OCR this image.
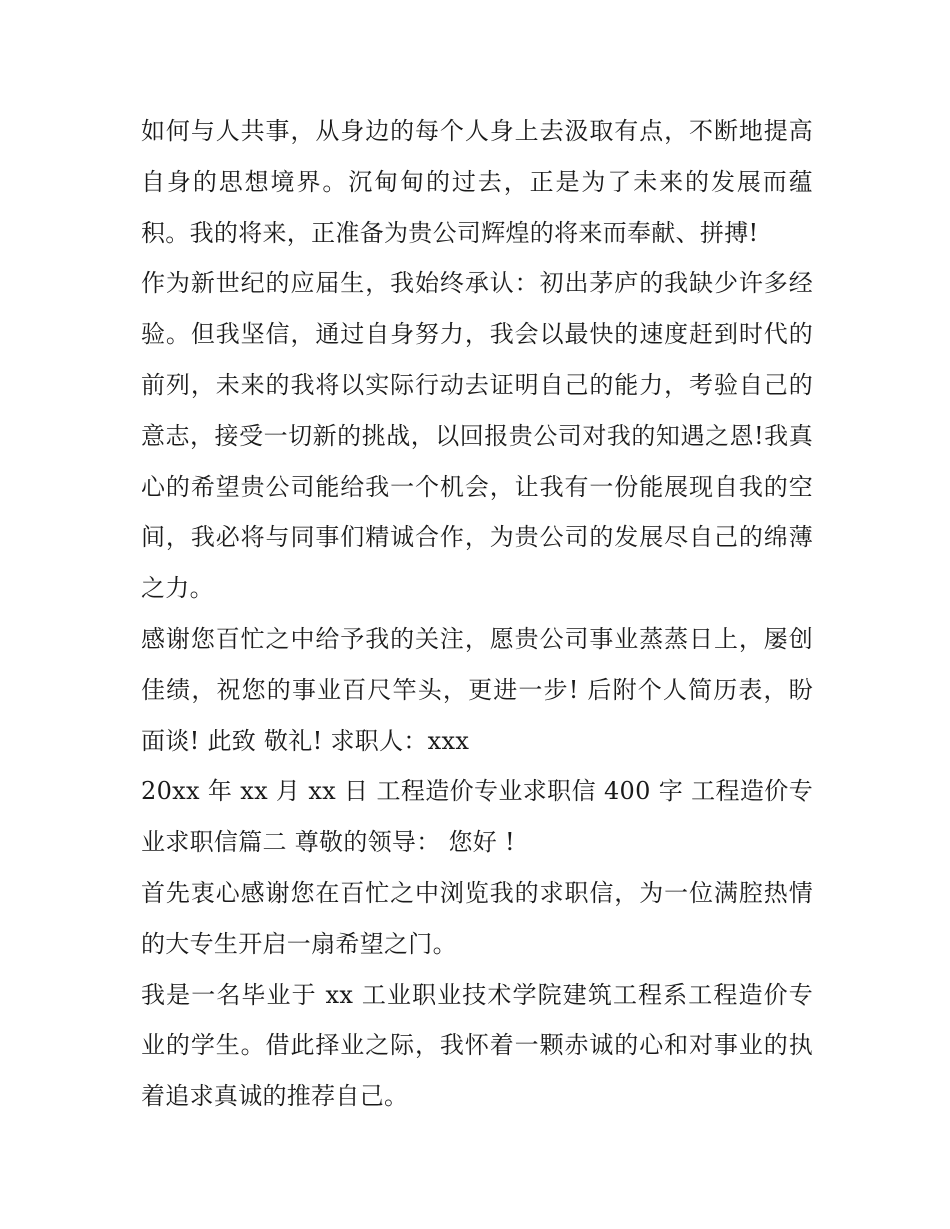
如何与人共事，从身边的每个人身上去汲取有点，不断地提高自身的思想境界。沉甸甸的过去，正是为了未来的发展而蕴积。我的将来，正准备为贵公司辉煌的将来而奉献、拼搏!

作为新世纪的应届生，我始终承认：初出茅庐的我缺少许多经验。但我坚信，通过自身努力，我会以最快的速度赶到时代的前列，未来的我将以实际行动去证明自己的能力，考验自己的意志，接受一切新的挑战，以回报贵公司对我的知遇之恩!我真心的希望贵公司能给我一个机会，让我有一份能展现自我的空间，我必将与同事们精诚合作，为贵公司的发展尽自己的绵薄之力。

感谢您百忙之中给予我的关注，愿贵公司事业蒸蒸日上，屡创佳绩，祝您的事业百尺竿头，更进一步! 后附个人简历表，盼面谈! 此致 敬礼! 求职人：xxx

20xx 年 xx 月 xx 日 工程造价专业求职信 400 字 工程造价专业求职信篇二 尊敬的领导： 您好 !

首先衷心感谢您在百忙之中浏览我的求职信，为一位满腔热情的大专生开启一扇希望之门。

我是一名毕业于 xx 工业职业技术学院建筑工程系工程造价专业的学生。借此择业之际，我怀着一颗赤诚的心和对事业的执着追求真诚的推荐自己。
